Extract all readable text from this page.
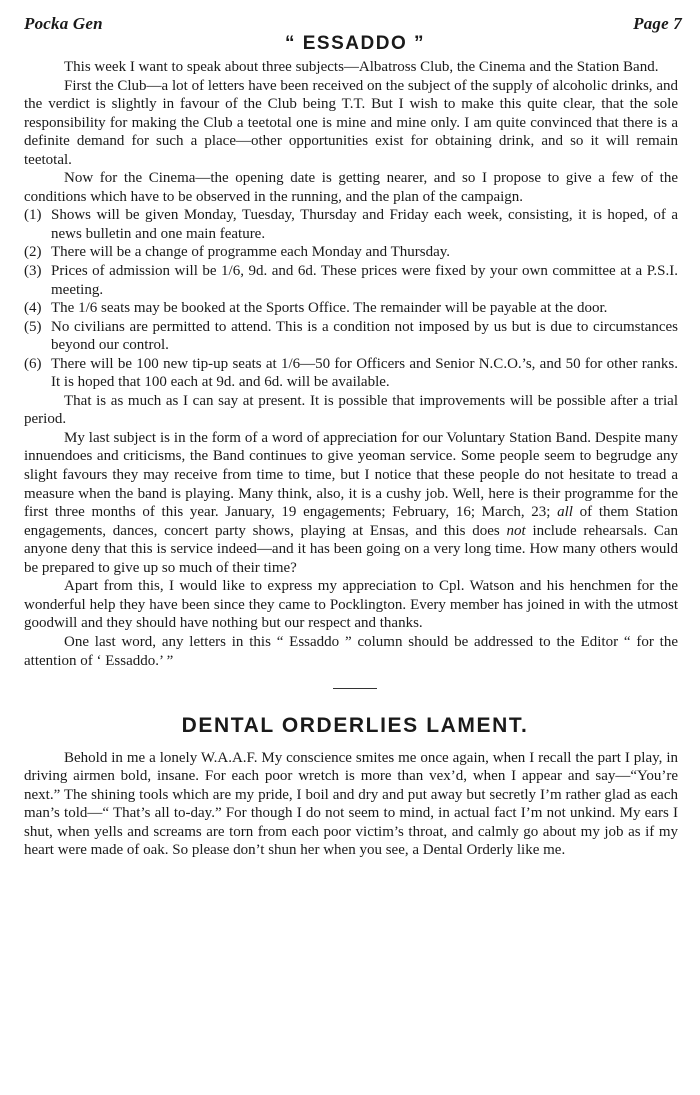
Pocka Gen	Page 7
“ ESSADDO ”

This week I want to speak about three subjects—Albatross Club, the Cinema and the Station Band.

First the Club—a lot of letters have been received on the subject of the supply of alcoholic drinks, and the verdict is slightly in favour of the Club being T.T. But I wish to make this quite clear, that the sole responsibility for making the Club a teetotal one is mine and mine only. I am quite convinced that there is a definite demand for such a place—other opportunities exist for obtaining drink, and so it will remain teetotal.

Now for the Cinema—the opening date is getting nearer, and so I propose to give a few of the conditions which have to be observed in the running, and the plan of the campaign.

(1) Shows will be given Monday, Tuesday, Thursday and Friday each week, consisting, it is hoped, of a news bulletin and one main feature.
(2) There will be a change of programme each Monday and Thursday.
(3) Prices of admission will be 1/6, 9d. and 6d. These prices were fixed by your own committee at a P.S.I. meeting.
(4) The 1/6 seats may be booked at the Sports Office. The remainder will be payable at the door.
(5) No civilians are permitted to attend. This is a condition not imposed by us but is due to circumstances beyond our control.
(6) There will be 100 new tip-up seats at 1/6—50 for Officers and Senior N.C.O.’s, and 50 for other ranks. It is hoped that 100 each at 9d. and 6d. will be available.

That is as much as I can say at present. It is possible that improvements will be possible after a trial period.

My last subject is in the form of a word of appreciation for our Voluntary Station Band. Despite many innuendoes and criticisms, the Band continues to give yeoman service. Some people seem to begrudge any slight favours they may receive from time to time, but I notice that these people do not hesitate to tread a measure when the band is playing. Many think, also, it is a cushy job. Well, here is their programme for the first three months of this year. January, 19 engagements; February, 16; March, 23; all of them Station engagements, dances, concert party shows, playing at Ensas, and this does not include rehearsals. Can anyone deny that this is service indeed—and it has been going on a very long time. How many others would be prepared to give up so much of their time?

Apart from this, I would like to express my appreciation to Cpl. Watson and his henchmen for the wonderful help they have been since they came to Pocklington. Every member has joined in with the utmost goodwill and they should have nothing but our respect and thanks.

One last word, any letters in this “ Essaddo ” column should be addressed to the Editor “ for the attention of ‘ Essaddo.’ ”

DENTAL ORDERLIES LAMENT.

Behold in me a lonely W.A.A.F. My conscience smites me once again, when I recall the part I play, in driving airmen bold, insane. For each poor wretch is more than vex’d, when I appear and say—“You’re next.” The shining tools which are my pride, I boil and dry and put away but secretly I’m rather glad as each man’s told—“ That’s all to-day.” For though I do not seem to mind, in actual fact I’m not unkind. My ears I shut, when yells and screams are torn from each poor victim’s throat, and calmly go about my job as if my heart were made of oak. So please don’t shun her when you see, a Dental Orderly like me.
